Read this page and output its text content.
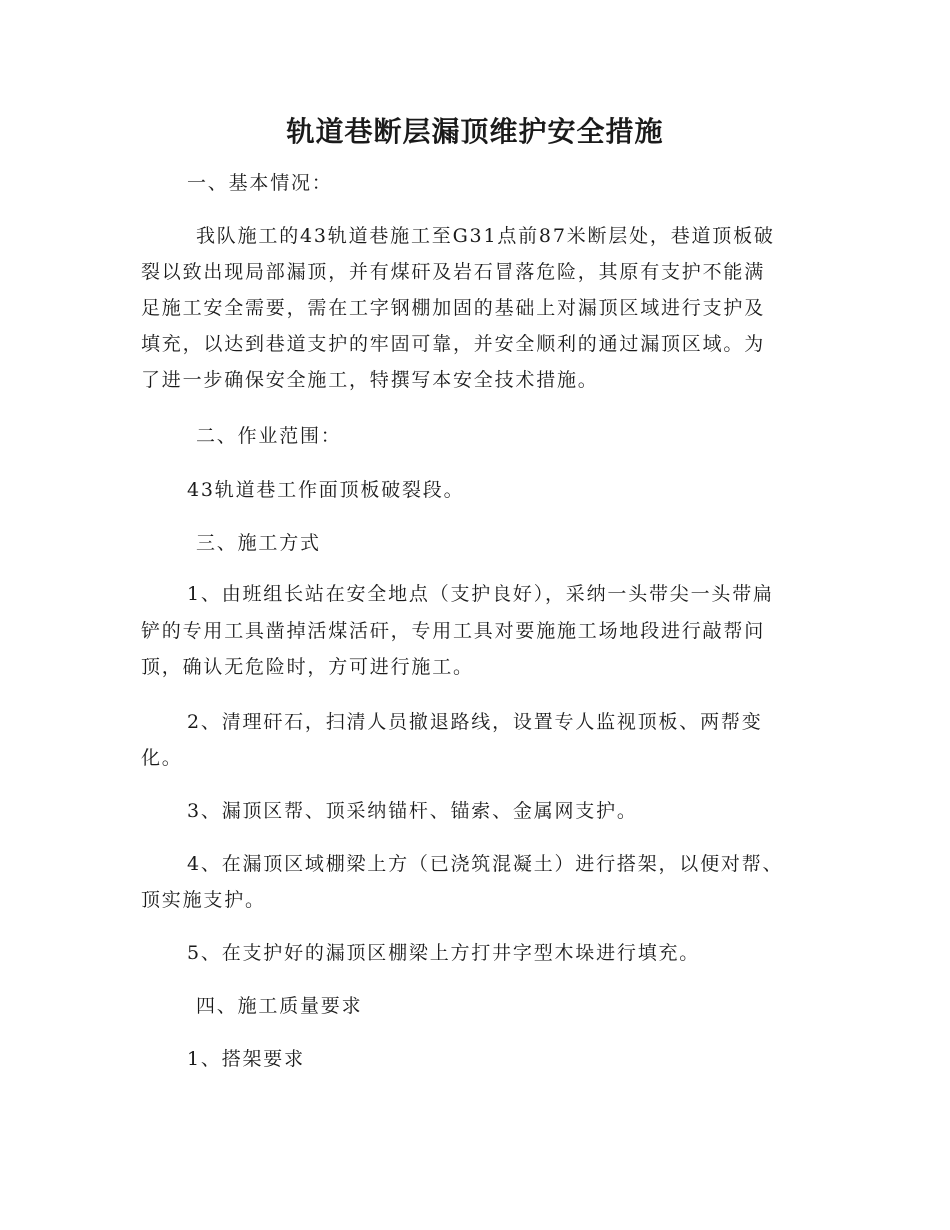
轨道巷断层漏顶维护安全措施

一、基本情况：

我队施工的43轨道巷施工至G31点前87米断层处，巷道顶板破

裂以致出现局部漏顶，并有煤矸及岩石冒落危险，其原有支护不能满

足施工安全需要，需在工字钢棚加固的基础上对漏顶区域进行支护及

填充，以达到巷道支护的牢固可靠，并安全顺利的通过漏顶区域。为

了进一步确保安全施工，特撰写本安全技术措施。

二、作业范围：

43轨道巷工作面顶板破裂段。

三、施工方式

1、由班组长站在安全地点（支护良好），采纳一头带尖一头带扁

铲的专用工具凿掉活煤活矸，专用工具对要施施工场地段进行敲帮问

顶，确认无危险时，方可进行施工。

2、清理矸石，扫清人员撤退路线，设置专人监视顶板、两帮变

化。

3、漏顶区帮、顶采纳锚杆、锚索、金属网支护。

4、在漏顶区域棚梁上方（已浇筑混凝土）进行搭架，以便对帮、

顶实施支护。

5、在支护好的漏顶区棚梁上方打井字型木垛进行填充。

四、施工质量要求

1、搭架要求
